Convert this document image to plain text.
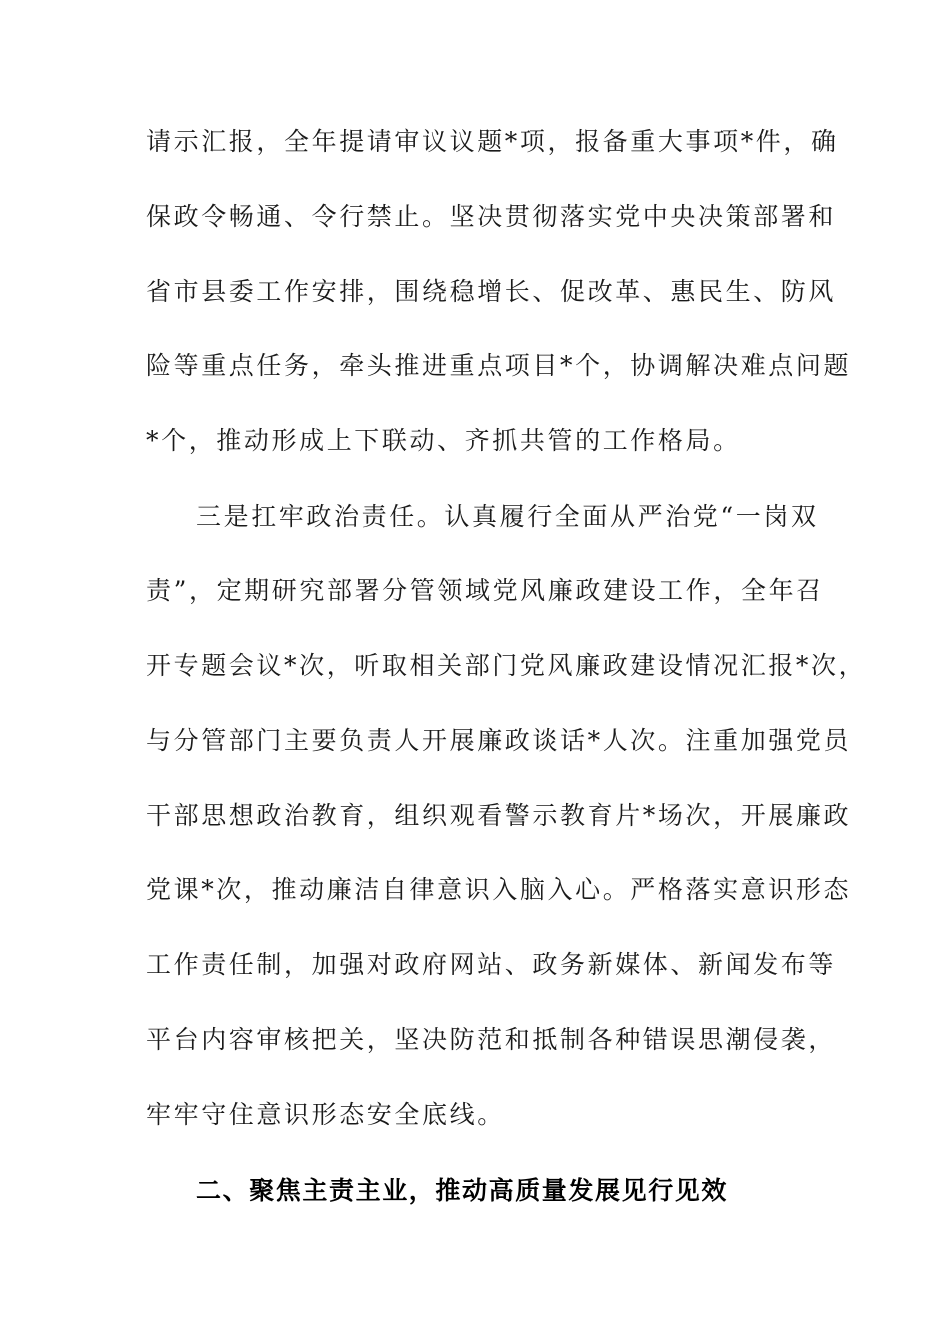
请示汇报，全年提请审议议题*项，报备重大事项*件，确
保政令畅通、令行禁止。坚决贯彻落实党中央决策部署和
省市县委工作安排，围绕稳增长、促改革、惠民生、防风
险等重点任务，牵头推进重点项目*个，协调解决难点问题
*个，推动形成上下联动、齐抓共管的工作格局。
三是扛牢政治责任。认真履行全面从严治党“一岗双
责”，定期研究部署分管领域党风廉政建设工作，全年召
开专题会议*次，听取相关部门党风廉政建设情况汇报*次，
与分管部门主要负责人开展廉政谈话*人次。注重加强党员
干部思想政治教育，组织观看警示教育片*场次，开展廉政
党课*次，推动廉洁自律意识入脑入心。严格落实意识形态
工作责任制，加强对政府网站、政务新媒体、新闻发布等
平台内容审核把关，坚决防范和抵制各种错误思潮侵袭，
牢牢守住意识形态安全底线。
二、聚焦主责主业，推动高质量发展见行见效
